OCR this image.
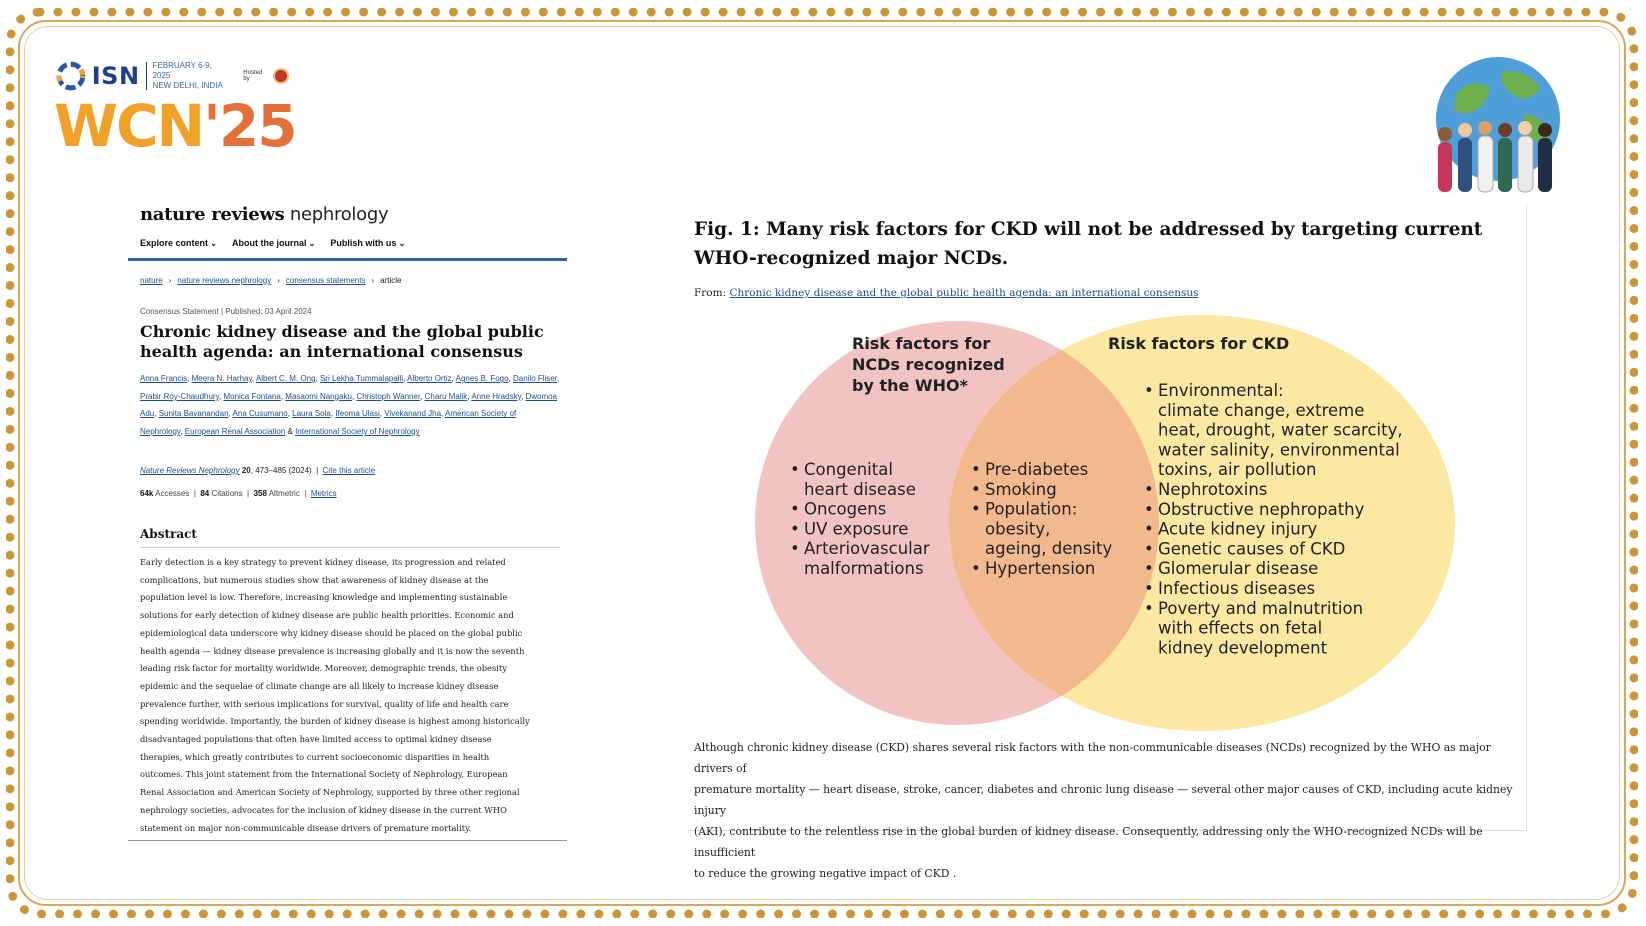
ISN FEBRUARY 6-9, 2025
NEW DELHI, INDIA
Hosted by
WCN'25
nature reviews nephrology
Explore content ⌄	About the journal ⌄	Publish with us ⌄
nature › nature reviews nephrology › consensus statements › article
Consensus Statement | Published: 03 April 2024
Chronic kidney disease and the global public health agenda: an international consensus
Anna Francis, Meera N. Harhay, Albert C. M. Ong, Sri Lekha Tummalapalli, Alberto Ortiz, Agnes B. Fogo, Danilo Fliser, Prabir Roy-Chaudhury, Monica Fontana, Masaomi Nangaku, Christoph Wanner, Charu Malik, Anne Hradsky, Dwomoa Adu, Sunita Bavanandan, Ana Cusumano, Laura Sola, Ifeoma Ulasi, Vivekanand Jha, American Society of Nephrology, European Renal Association & International Society of Nephrology
Nature Reviews Nephrology 20, 473–485 (2024)  |  Cite this article
64k Accesses  |  84 Citations  |  358 Altmetric  |  Metrics
Abstract
Early detection is a key strategy to prevent kidney disease, its progression and related
complications, but numerous studies show that awareness of kidney disease at the
population level is low. Therefore, increasing knowledge and implementing sustainable
solutions for early detection of kidney disease are public health priorities. Economic and
epidemiological data underscore why kidney disease should be placed on the global public
health agenda — kidney disease prevalence is increasing globally and it is now the seventh
leading risk factor for mortality worldwide. Moreover, demographic trends, the obesity
epidemic and the sequelae of climate change are all likely to increase kidney disease
prevalence further, with serious implications for survival, quality of life and health care
spending worldwide. Importantly, the burden of kidney disease is highest among historically
disadvantaged populations that often have limited access to optimal kidney disease
therapies, which greatly contributes to current socioeconomic disparities in health
outcomes. This joint statement from the International Society of Nephrology, European
Renal Association and American Society of Nephrology, supported by three other regional
nephrology societies, advocates for the inclusion of kidney disease in the current WHO
statement on major non-communicable disease drivers of premature mortality.
Fig. 1: Many risk factors for CKD will not be addressed by targeting current WHO-recognized major NCDs.
From: Chronic kidney disease and the global public health agenda: an international consensus
Risk factors for
NCDs recognized
by the WHO*
Risk factors for CKD
• Congenital
heart disease
• Oncogens
• UV exposure
• Arteriovascular
malformations
• Pre-diabetes
• Smoking
• Population:
obesity,
ageing, density
• Hypertension
• Environmental:
climate change, extreme
heat, drought, water scarcity,
water salinity, environmental
toxins, air pollution
• Nephrotoxins
• Obstructive nephropathy
• Acute kidney injury
• Genetic causes of CKD
• Glomerular disease
• Infectious diseases
• Poverty and malnutrition
with effects on fetal
kidney development
Although chronic kidney disease (CKD) shares several risk factors with the non-communicable diseases (NCDs) recognized by the WHO as major drivers of
premature mortality — heart disease, stroke, cancer, diabetes and chronic lung disease — several other major causes of CKD, including acute kidney injury
(AKI), contribute to the relentless rise in the global burden of kidney disease. Consequently, addressing only the WHO-recognized NCDs will be insufficient
to reduce the growing negative impact of CKD .
